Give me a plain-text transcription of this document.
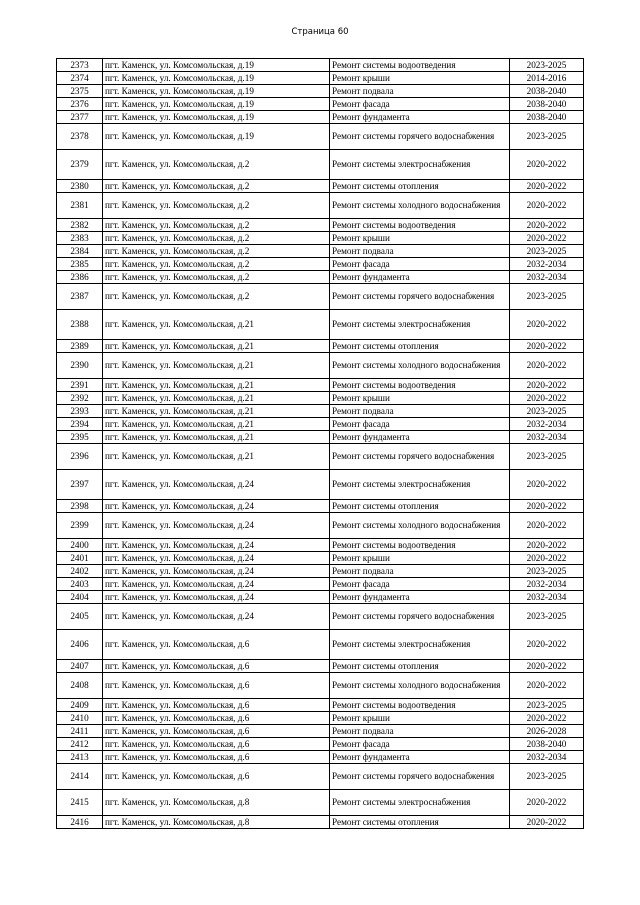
Страница 60
2373	пгт. Каменск, ул. Комсомольская, д.19	Ремонт системы водоотведения	2023-2025
2374	пгт. Каменск, ул. Комсомольская, д.19	Ремонт крыши	2014-2016
2375	пгт. Каменск, ул. Комсомольская, д.19	Ремонт подвала	2038-2040
2376	пгт. Каменск, ул. Комсомольская, д.19	Ремонт фасада	2038-2040
2377	пгт. Каменск, ул. Комсомольская, д.19	Ремонт фундамента	2038-2040
2378	пгт. Каменск, ул. Комсомольская, д.19	Ремонт системы горячего водоснабжения	2023-2025
2379	пгт. Каменск, ул. Комсомольская, д.2	Ремонт системы электроснабжения	2020-2022
2380	пгт. Каменск, ул. Комсомольская, д.2	Ремонт системы отопления	2020-2022
2381	пгт. Каменск, ул. Комсомольская, д.2	Ремонт системы холодного водоснабжения	2020-2022
2382	пгт. Каменск, ул. Комсомольская, д.2	Ремонт системы водоотведения	2020-2022
2383	пгт. Каменск, ул. Комсомольская, д.2	Ремонт крыши	2020-2022
2384	пгт. Каменск, ул. Комсомольская, д.2	Ремонт подвала	2023-2025
2385	пгт. Каменск, ул. Комсомольская, д.2	Ремонт фасада	2032-2034
2386	пгт. Каменск, ул. Комсомольская, д.2	Ремонт фундамента	2032-2034
2387	пгт. Каменск, ул. Комсомольская, д.2	Ремонт системы горячего водоснабжения	2023-2025
2388	пгт. Каменск, ул. Комсомольская, д.21	Ремонт системы электроснабжения	2020-2022
2389	пгт. Каменск, ул. Комсомольская, д.21	Ремонт системы отопления	2020-2022
2390	пгт. Каменск, ул. Комсомольская, д.21	Ремонт системы холодного водоснабжения	2020-2022
2391	пгт. Каменск, ул. Комсомольская, д.21	Ремонт системы водоотведения	2020-2022
2392	пгт. Каменск, ул. Комсомольская, д.21	Ремонт крыши	2020-2022
2393	пгт. Каменск, ул. Комсомольская, д.21	Ремонт подвала	2023-2025
2394	пгт. Каменск, ул. Комсомольская, д.21	Ремонт фасада	2032-2034
2395	пгт. Каменск, ул. Комсомольская, д.21	Ремонт фундамента	2032-2034
2396	пгт. Каменск, ул. Комсомольская, д.21	Ремонт системы горячего водоснабжения	2023-2025
2397	пгт. Каменск, ул. Комсомольская, д.24	Ремонт системы электроснабжения	2020-2022
2398	пгт. Каменск, ул. Комсомольская, д.24	Ремонт системы отопления	2020-2022
2399	пгт. Каменск, ул. Комсомольская, д.24	Ремонт системы холодного водоснабжения	2020-2022
2400	пгт. Каменск, ул. Комсомольская, д.24	Ремонт системы водоотведения	2020-2022
2401	пгт. Каменск, ул. Комсомольская, д.24	Ремонт крыши	2020-2022
2402	пгт. Каменск, ул. Комсомольская, д.24	Ремонт подвала	2023-2025
2403	пгт. Каменск, ул. Комсомольская, д.24	Ремонт фасада	2032-2034
2404	пгт. Каменск, ул. Комсомольская, д.24	Ремонт фундамента	2032-2034
2405	пгт. Каменск, ул. Комсомольская, д.24	Ремонт системы горячего водоснабжения	2023-2025
2406	пгт. Каменск, ул. Комсомольская, д.6	Ремонт системы электроснабжения	2020-2022
2407	пгт. Каменск, ул. Комсомольская, д.6	Ремонт системы отопления	2020-2022
2408	пгт. Каменск, ул. Комсомольская, д.6	Ремонт системы холодного водоснабжения	2020-2022
2409	пгт. Каменск, ул. Комсомольская, д.6	Ремонт системы водоотведения	2023-2025
2410	пгт. Каменск, ул. Комсомольская, д.6	Ремонт крыши	2020-2022
2411	пгт. Каменск, ул. Комсомольская, д.6	Ремонт подвала	2026-2028
2412	пгт. Каменск, ул. Комсомольская, д.6	Ремонт фасада	2038-2040
2413	пгт. Каменск, ул. Комсомольская, д.6	Ремонт фундамента	2032-2034
2414	пгт. Каменск, ул. Комсомольская, д.6	Ремонт системы горячего водоснабжения	2023-2025
2415	пгт. Каменск, ул. Комсомольская, д.8	Ремонт системы электроснабжения	2020-2022
2416	пгт. Каменск, ул. Комсомольская, д.8	Ремонт системы отопления	2020-2022
